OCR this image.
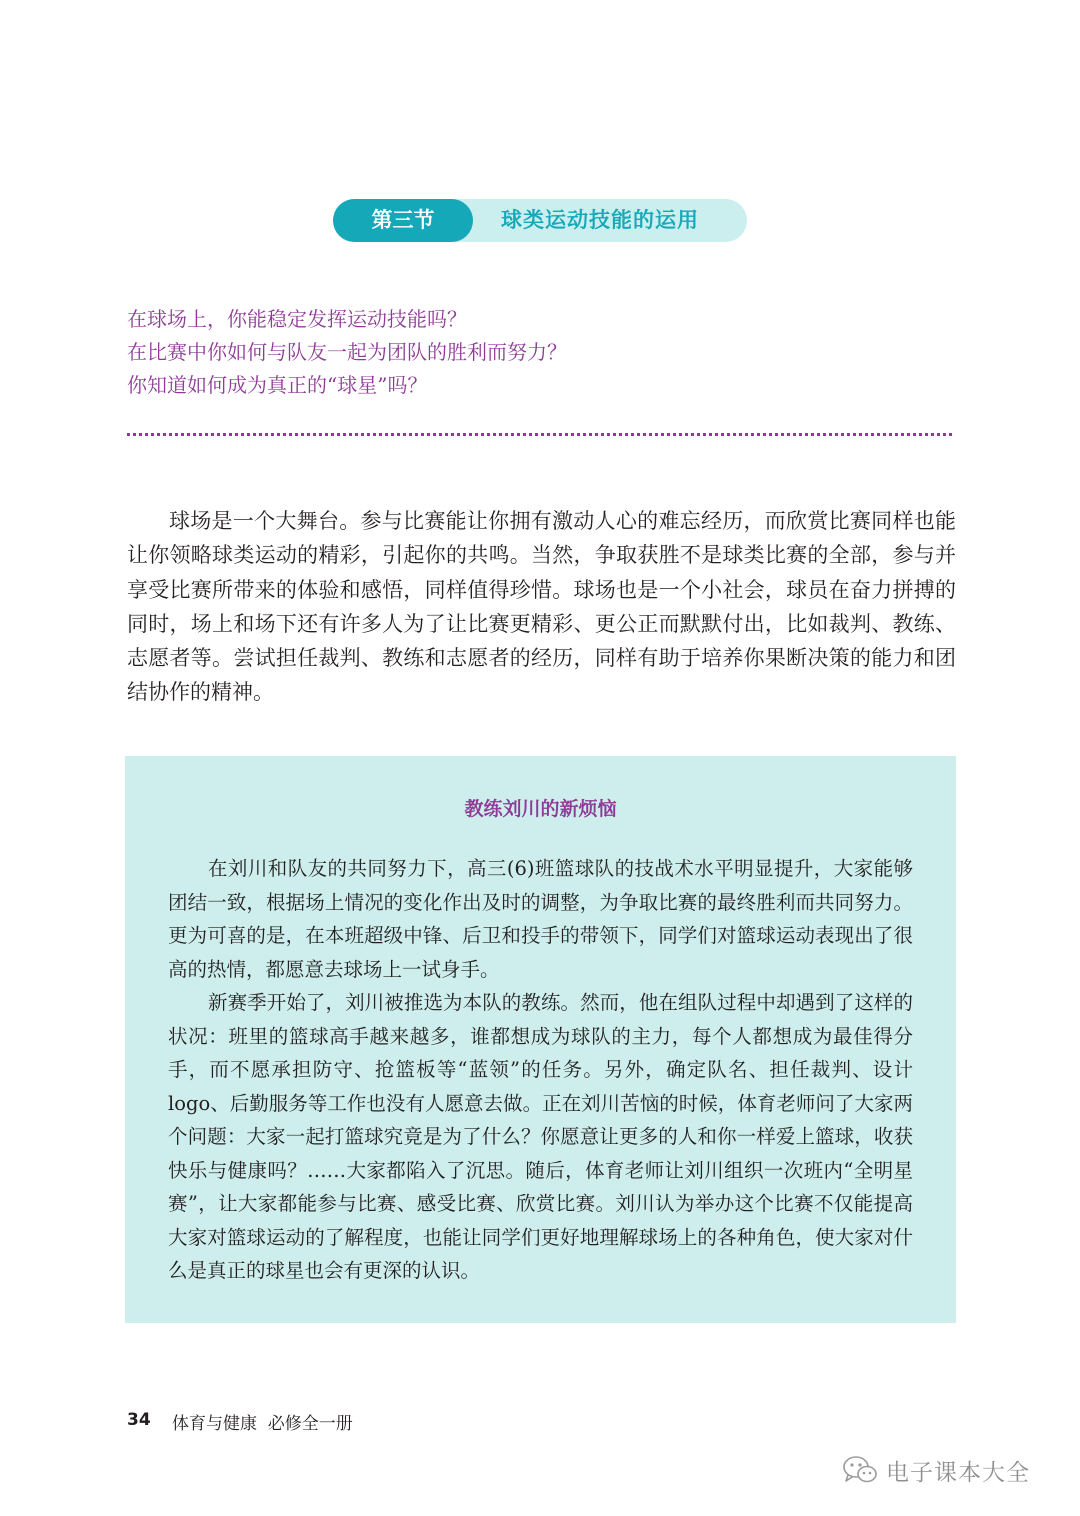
第三节	球类运动技能的运用

在球场上，你能稳定发挥运动技能吗？

在比赛中你如何与队友一起为团队的胜利而努力？

你知道如何成为真正的“球星”吗？

球场是一个大舞台。参与比赛能让你拥有激动人心的难忘经历，而欣赏比赛同样也能让你领略球类运动的精彩，引起你的共鸣。当然，争取获胜不是球类比赛的全部，参与并享受比赛所带来的体验和感悟，同样值得珍惜。球场也是一个小社会，球员在奋力拼搏的同时，场上和场下还有许多人为了让比赛更精彩、更公正而默默付出，比如裁判、教练、志愿者等。尝试担任裁判、教练和志愿者的经历，同样有助于培养你果断决策的能力和团结协作的精神。

教练刘川的新烦恼

在刘川和队友的共同努力下，高三(6)班篮球队的技战术水平明显提升，大家能够团结一致，根据场上情况的变化作出及时的调整，为争取比赛的最终胜利而共同努力。更为可喜的是，在本班超级中锋、后卫和投手的带领下，同学们对篮球运动表现出了很高的热情，都愿意去球场上一试身手。

新赛季开始了，刘川被推选为本队的教练。然而，他在组队过程中却遇到了这样的状况：班里的篮球高手越来越多，谁都想成为球队的主力，每个人都想成为最佳得分手，而不愿承担防守、抢篮板等“蓝领”的任务。另外，确定队名、担任裁判、设计logo、后勤服务等工作也没有人愿意去做。正在刘川苦恼的时候，体育老师问了大家两个问题：大家一起打篮球究竟是为了什么？你愿意让更多的人和你一样爱上篮球，收获快乐与健康吗？……大家都陷入了沉思。随后，体育老师让刘川组织一次班内“全明星赛”，让大家都能参与比赛、感受比赛、欣赏比赛。刘川认为举办这个比赛不仅能提高大家对篮球运动的了解程度，也能让同学们更好地理解球场上的各种角色，使大家对什么是真正的球星也会有更深的认识。

34 体育与健康  必修全一册
电子课本大全
